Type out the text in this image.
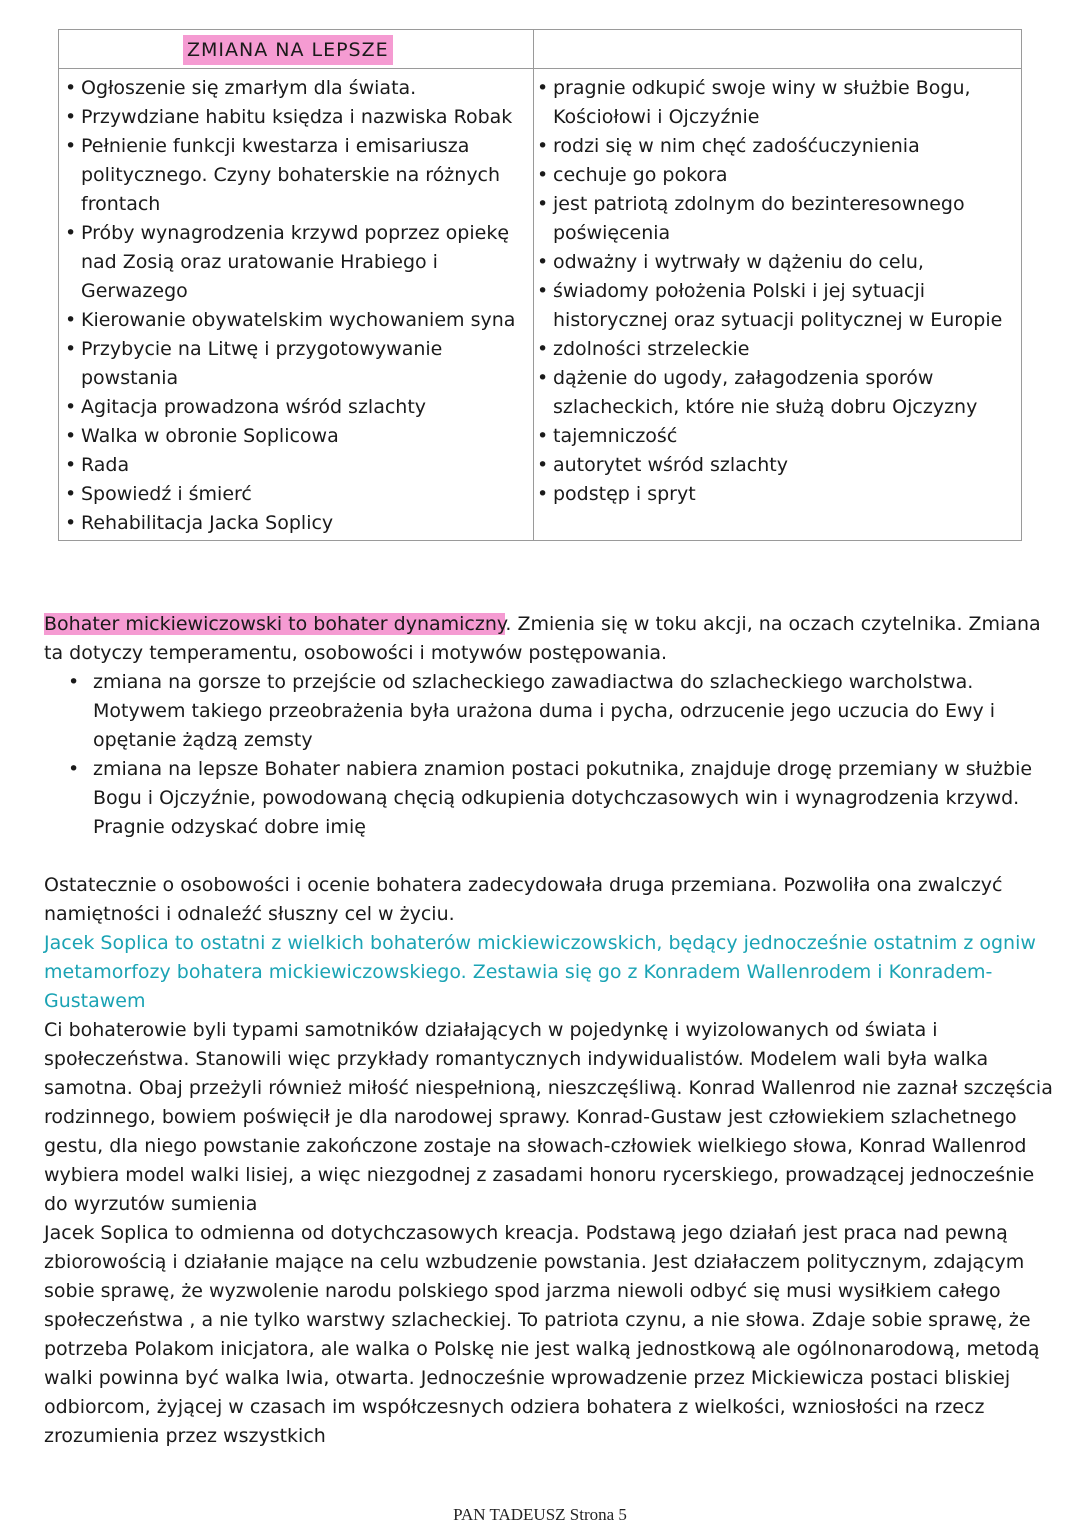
ZMIANA NA LEPSZE
• Ogłoszenie się zmarłym dla świata.
• Przywdziane habitu księdza i nazwiska Robak
• Pełnienie funkcji kwestarza i emisariusza politycznego. Czyny bohaterskie na różnych frontach
• Próby wynagrodzenia krzywd poprzez opiekę nad Zosią oraz uratowanie Hrabiego i Gerwazego
• Kierowanie obywatelskim wychowaniem syna
• Przybycie na Litwę i przygotowywanie powstania
• Agitacja prowadzona wśród szlachty
• Walka w obronie Soplicowa
• Rada
• Spowiedź i śmierć
• Rehabilitacja Jacka Soplicy
• pragnie odkupić swoje winy w służbie Bogu, Kościołowi i Ojczyźnie
• rodzi się w nim chęć zadośćuczynienia
• cechuje go pokora
• jest patriotą zdolnym do bezinteresownego poświęcenia
• odważny i wytrwały w dążeniu do celu,
• świadomy położenia Polski i jej sytuacji historycznej oraz sytuacji politycznej w Europie
• zdolności strzeleckie
• dążenie do ugody, załagodzenia sporów szlacheckich, które nie służą dobru Ojczyzny
• tajemniczość
• autorytet wśród szlachty
• podstęp i spryt
Bohater mickiewiczowski to bohater dynamiczny. Zmienia się w toku akcji, na oczach czytelnika. Zmiana ta dotyczy temperamentu, osobowości i motywów postępowania.
• zmiana na gorsze to przejście od szlacheckiego zawadiactwa do szlacheckiego warcholstwa. Motywem takiego przeobrażenia była urażona duma i pycha, odrzucenie jego uczucia do Ewy i opętanie żądzą zemsty
• zmiana na lepsze Bohater nabiera znamion postaci pokutnika, znajduje drogę przemiany w służbie Bogu i Ojczyźnie, powodowaną chęcią odkupienia dotychczasowych win i wynagrodzenia krzywd. Pragnie odzyskać dobre imię
Ostatecznie o osobowości i ocenie bohatera zadecydowała druga przemiana. Pozwoliła ona zwalczyć namiętności i odnaleźć słuszny cel w życiu.
Jacek Soplica to ostatni z wielkich bohaterów mickiewiczowskich, będący jednocześnie ostatnim z ogniw metamorfozy bohatera mickiewiczowskiego. Zestawia się go z Konradem Wallenrodem i Konradem-Gustawem
Ci bohaterowie byli typami samotników działających w pojedynkę i wyizolowanych od świata i społeczeństwa. Stanowili więc przykłady romantycznych indywidualistów. Modelem wali była walka samotna. Obaj przeżyli również miłość niespełnioną, nieszczęśliwą. Konrad Wallenrod nie zaznał szczęścia rodzinnego, bowiem poświęcił je dla narodowej sprawy. Konrad-Gustaw jest człowiekiem szlachetnego gestu, dla niego powstanie zakończone zostaje na słowach-człowiek wielkiego słowa, Konrad Wallenrod wybiera model walki lisiej, a więc niezgodnej z zasadami honoru rycerskiego, prowadzącej jednocześnie do wyrzutów sumienia
Jacek Soplica to odmienna od dotychczasowych kreacja. Podstawą jego działań jest praca nad pewną zbiorowością i działanie mające na celu wzbudzenie powstania. Jest działaczem politycznym, zdającym sobie sprawę, że wyzwolenie narodu polskiego spod jarzma niewoli odbyć się musi wysiłkiem całego społeczeństwa , a nie tylko warstwy szlacheckiej. To patriota czynu, a nie słowa. Zdaje sobie sprawę, że potrzeba Polakom inicjatora, ale walka o Polskę nie jest walką jednostkową ale ogólnonarodową, metodą walki powinna być walka lwia, otwarta. Jednocześnie wprowadzenie przez Mickiewicza postaci bliskiej odbiorcom, żyjącej w czasach im współczesnych odziera bohatera z wielkości, wzniosłości na rzecz zrozumienia przez wszystkich
PAN TADEUSZ Strona 5
